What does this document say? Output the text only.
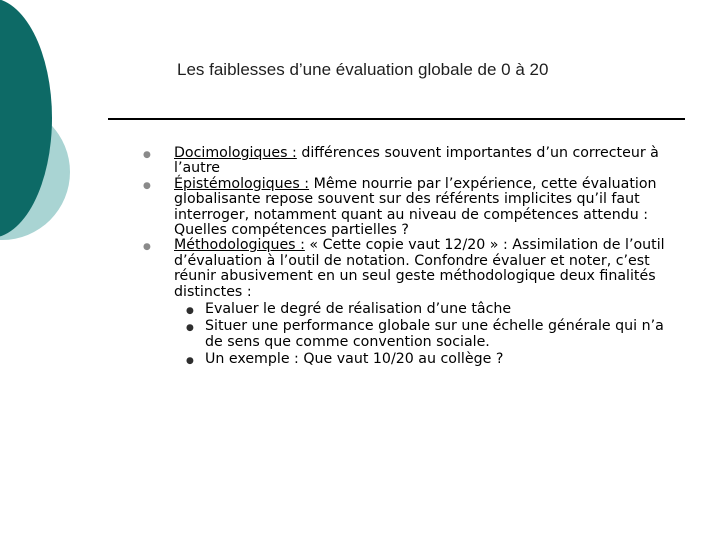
Les faiblesses d’une évaluation globale de 0 à 20
● Docimologiques : différences souvent importantes d’un correcteur à l’autre
● Épistémologiques : Même nourrie par l’expérience, cette évaluation globalisante repose souvent sur des référents implicites qu’il faut interroger, notamment quant au niveau de compétences attendu : Quelles compétences partielles ?
● Méthodologiques : « Cette copie vaut 12/20 » : Assimilation de l’outil d’évaluation à l’outil de notation. Confondre évaluer et noter, c’est réunir abusivement en un seul geste méthodologique deux finalités distinctes :
● Evaluer le degré de réalisation d’une tâche
● Situer une performance globale sur une échelle générale qui n’a de sens que comme convention sociale.
● Un exemple : Que vaut 10/20 au collège ?
